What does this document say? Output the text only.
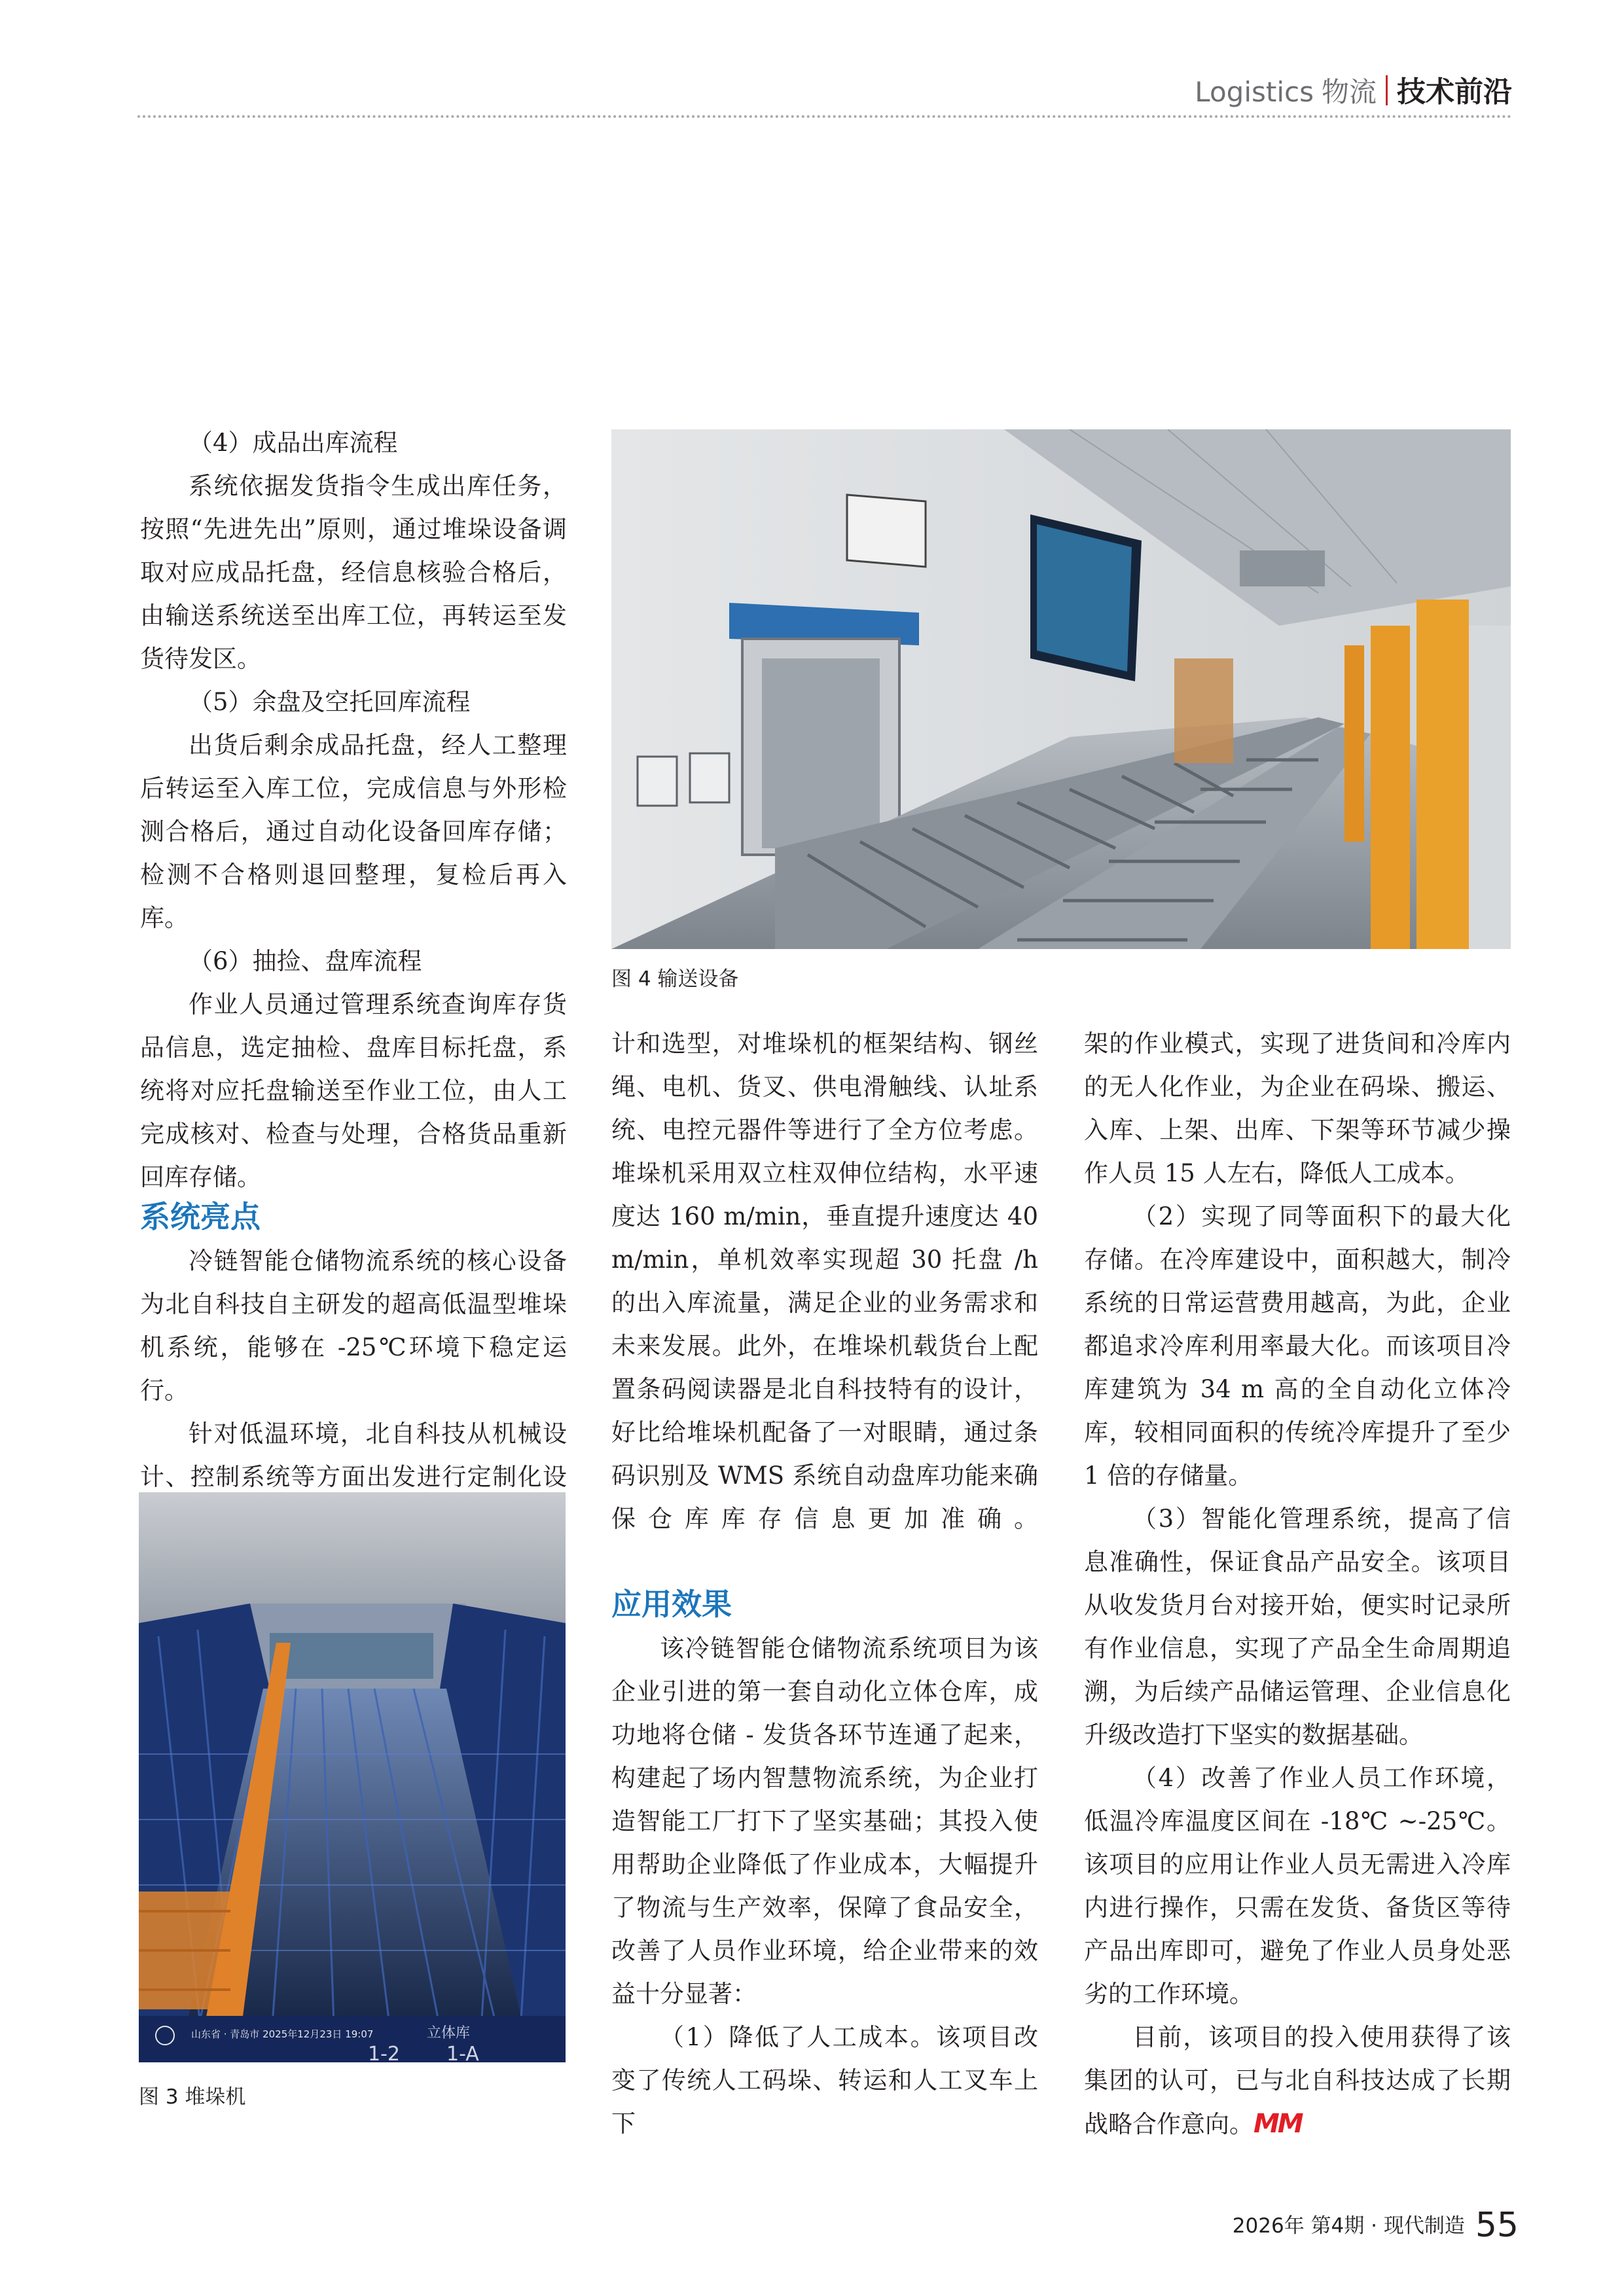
Logistics 物流 技术前沿

（4）成品出库流程

系统依据发货指令生成出库任务，按照“先进先出”原则，通过堆垛设备调取对应成品托盘，经信息核验合格后，由输送系统送至出库工位，再转运至发货待发区。

（5）余盘及空托回库流程

出货后剩余成品托盘，经人工整理后转运至入库工位，完成信息与外形检测合格后，通过自动化设备回库存储；检测不合格则退回整理，复检后再入库。

（6）抽捡、盘库流程

作业人员通过管理系统查询库存货品信息，选定抽检、盘库目标托盘，系统将对应托盘输送至作业工位，由人工完成核对、检查与处理，合格货品重新回库存储。

系统亮点

冷链智能仓储物流系统的核心设备为北自科技自主研发的超高低温型堆垛机系统，能够在 -25℃环境下稳定运行。

针对低温环境，北自科技从机械设计、控制系统等方面出发进行定制化设

山东省 · 青岛市 2025年12月23日 19:07	立体库
1-2 1-A
图 3 堆垛机
图 4 输送设备

计和选型，对堆垛机的框架结构、钢丝绳、电机、货叉、供电滑触线、认址系统、电控元器件等进行了全方位考虑。堆垛机采用双立柱双伸位结构，水平速度达 160 m/min，垂直提升速度达 40 m/min，单机效率实现超 30 托盘 /h 的出入库流量，满足企业的业务需求和未来发展。此外，在堆垛机载货台上配置条码阅读器是北自科技特有的设计，好比给堆垛机配备了一对眼睛，通过条码识别及 WMS 系统自动盘库功能来确保仓库库存信息更加准确。

应用效果

该冷链智能仓储物流系统项目为该企业引进的第一套自动化立体仓库，成功地将仓储 - 发货各环节连通了起来，构建起了场内智慧物流系统，为企业打造智能工厂打下了坚实基础；其投入使用帮助企业降低了作业成本，大幅提升了物流与生产效率，保障了食品安全，改善了人员作业环境，给企业带来的效益十分显著：

（1）降低了人工成本。该项目改变了传统人工码垛、转运和人工叉车上下

架的作业模式，实现了进货间和冷库内的无人化作业，为企业在码垛、搬运、入库、上架、出库、下架等环节减少操作人员 15 人左右，降低人工成本。

（2）实现了同等面积下的最大化存储。在冷库建设中，面积越大，制冷系统的日常运营费用越高，为此，企业都追求冷库利用率最大化。而该项目冷库建筑为 34 m 高的全自动化立体冷库，较相同面积的传统冷库提升了至少 1 倍的存储量。

（3）智能化管理系统，提高了信息准确性，保证食品产品安全。该项目从收发货月台对接开始，便实时记录所有作业信息，实现了产品全生命周期追溯，为后续产品储运管理、企业信息化升级改造打下坚实的数据基础。

（4）改善了作业人员工作环境，低温冷库温度区间在 -18℃ ~-25℃。该项目的应用让作业人员无需进入冷库内进行操作，只需在发货、备货区等待产品出库即可，避免了作业人员身处恶劣的工作环境。

目前，该项目的投入使用获得了该集团的认可，已与北自科技达成了长期战略合作意向。MM

2026年 第4期 · 现代制造 55
